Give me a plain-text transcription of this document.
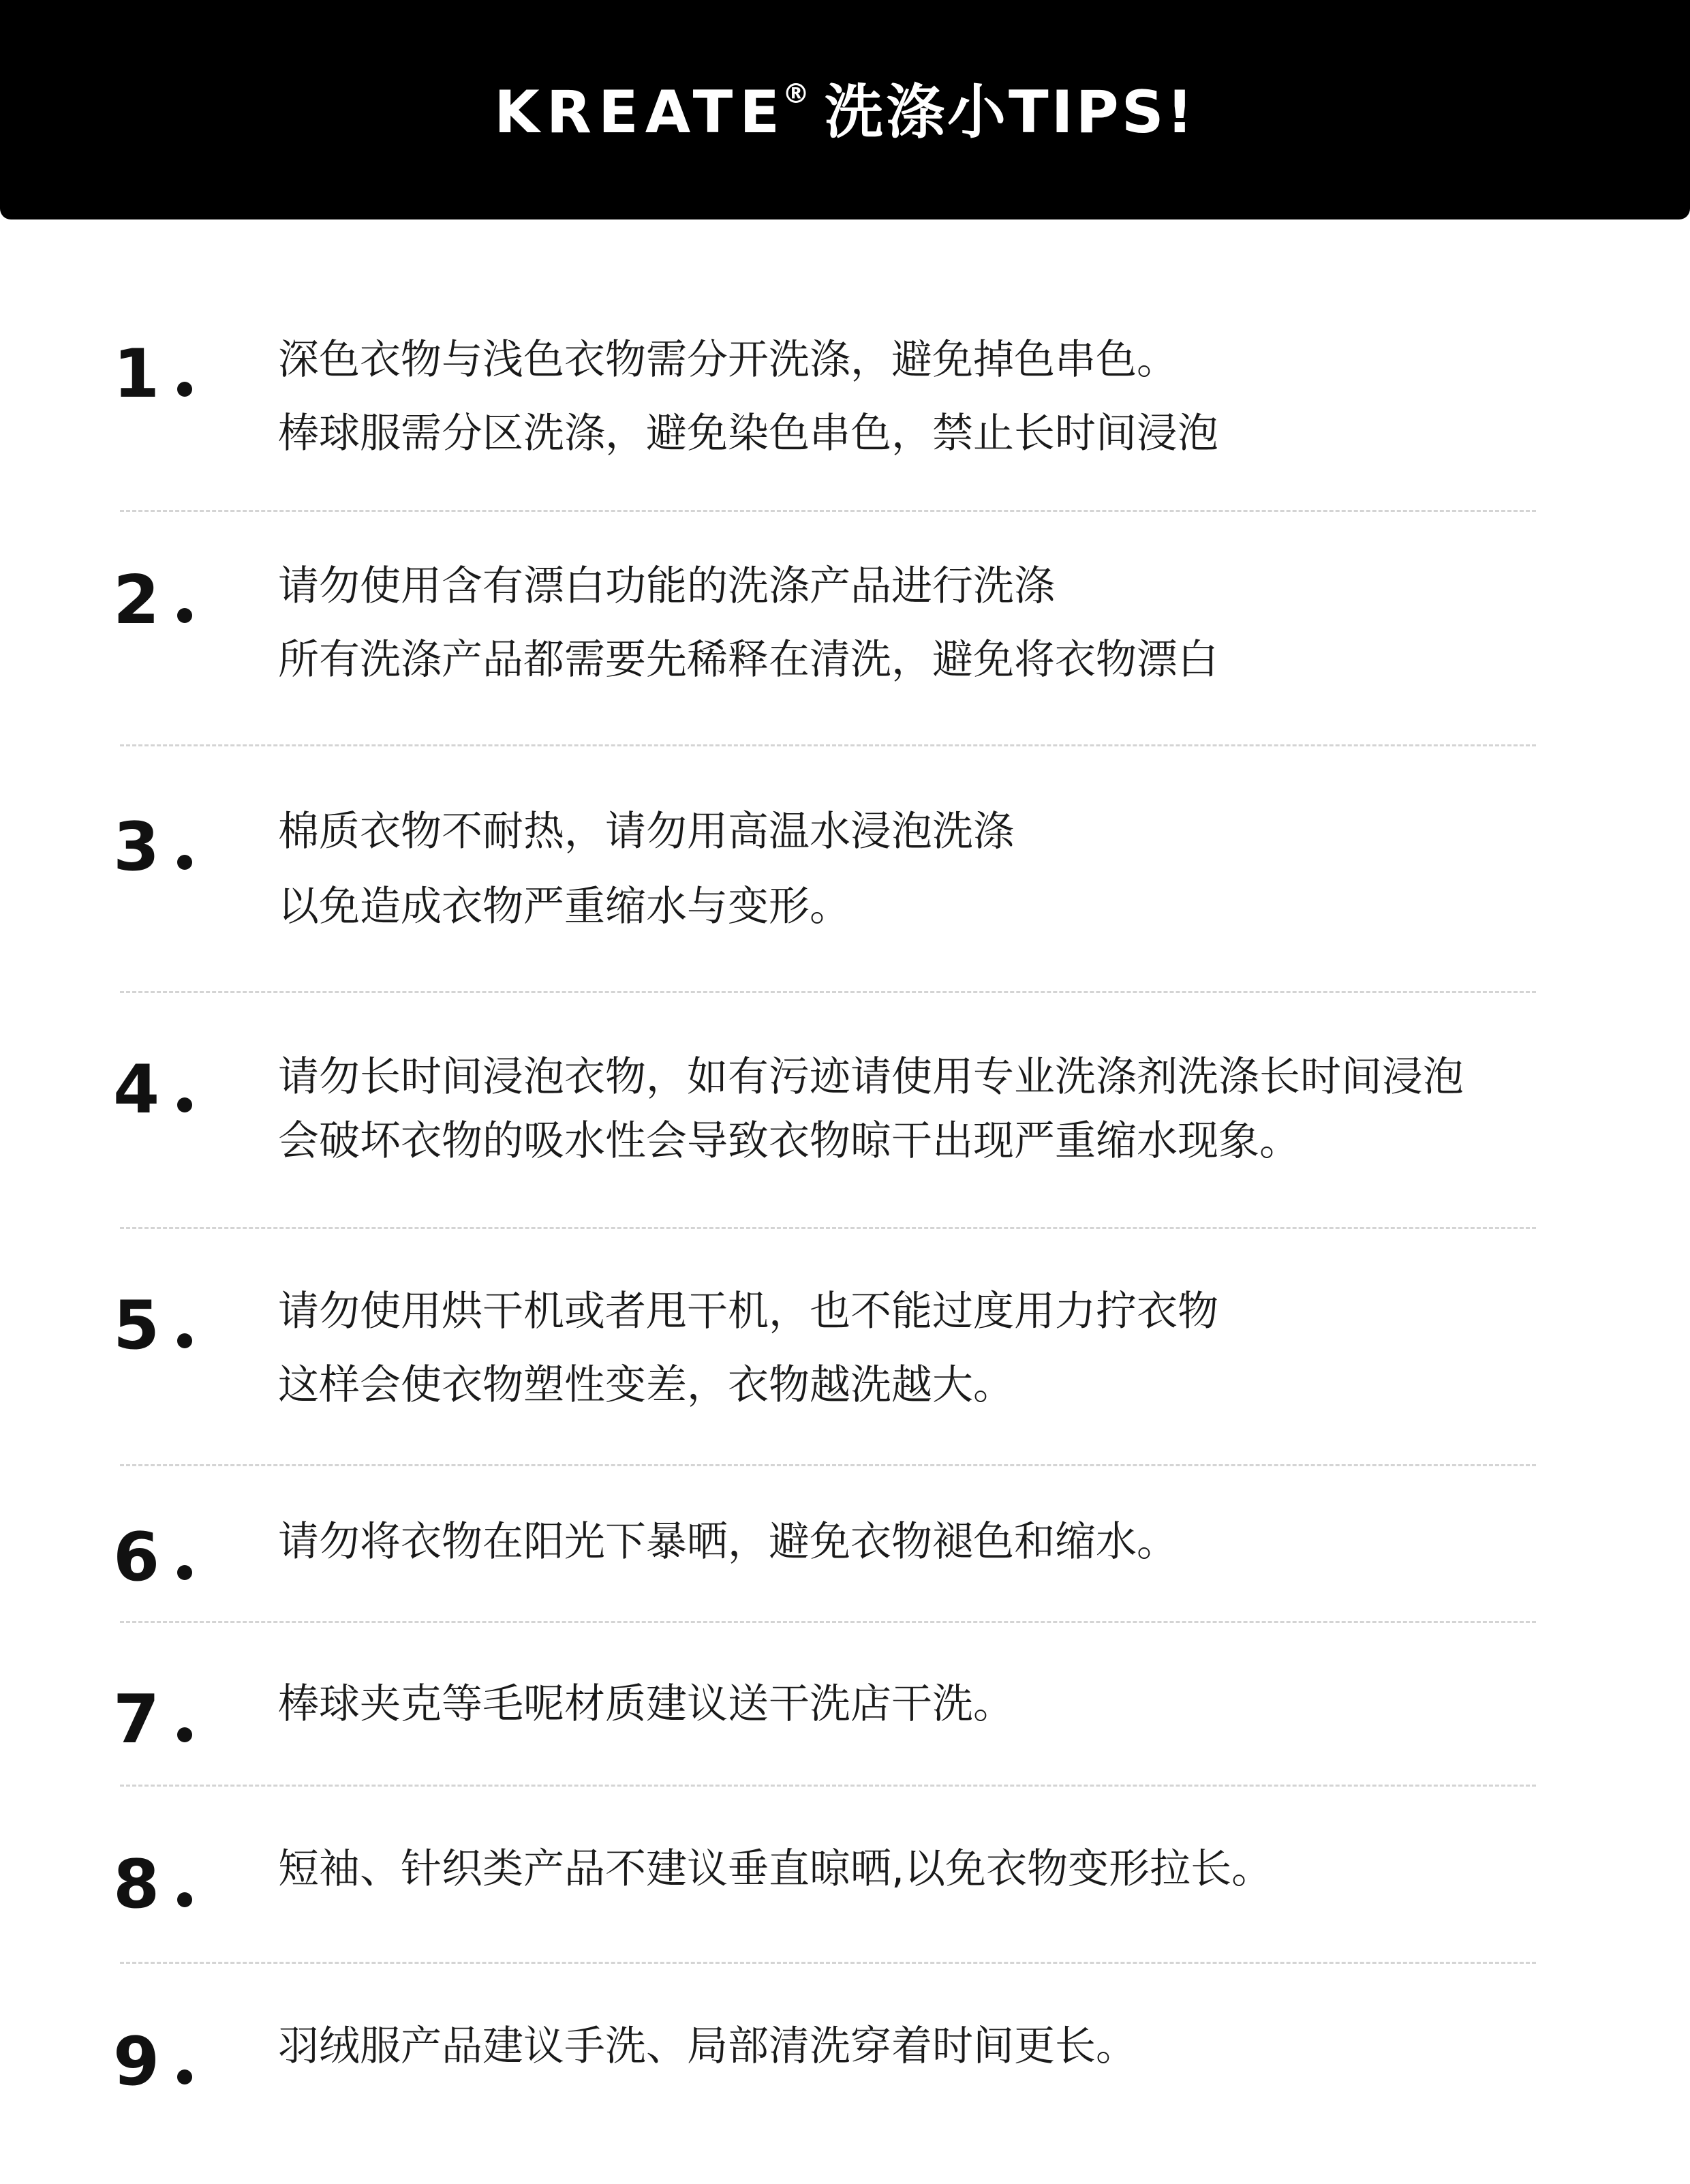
KREATE
® 洗涤小TIPS!
1	深色衣物与浅色衣物需分开洗涤，避免掉色串色。
棒球服需分区洗涤，避免染色串色，禁止长时间浸泡
2	请勿使用含有漂白功能的洗涤产品进行洗涤
所有洗涤产品都需要先稀释在清洗，避免将衣物漂白
3	棉质衣物不耐热，请勿用高温水浸泡洗涤
以免造成衣物严重缩水与变形。
4	请勿长时间浸泡衣物，如有污迹请使用专业洗涤剂洗涤长时间浸泡
会破坏衣物的吸水性会导致衣物晾干出现严重缩水现象。
5	请勿使用烘干机或者甩干机，也不能过度用力拧衣物
这样会使衣物塑性变差，衣物越洗越大。
6	请勿将衣物在阳光下暴晒，避免衣物褪色和缩水。
7	棒球夹克等毛呢材质建议送干洗店干洗。
8	短袖、针织类产品不建议垂直晾晒,以免衣物变形拉长。
9	羽绒服产品建议手洗、局部清洗穿着时间更长。
